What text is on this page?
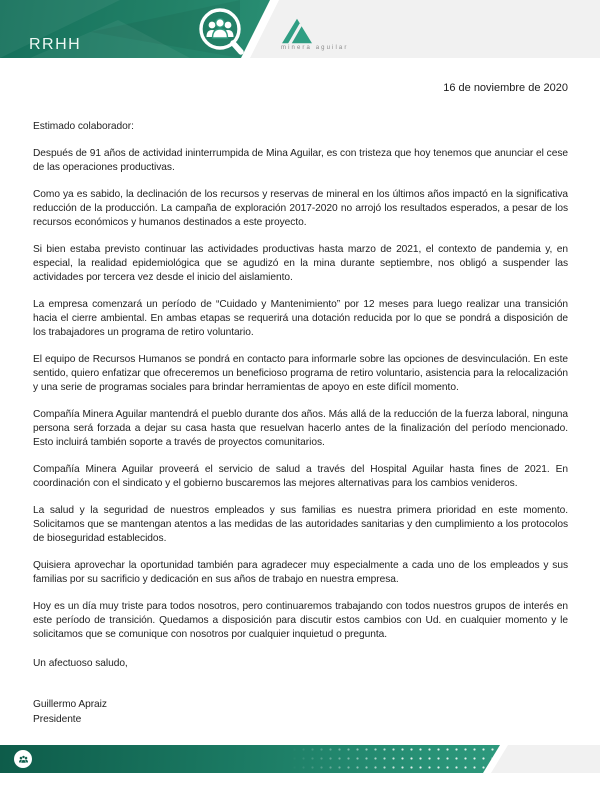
RRHH	minera aguilar
16 de noviembre de 2020

Estimado colaborador:

Después de 91 años de actividad ininterrumpida de Mina Aguilar, es con tristeza que hoy tenemos que anunciar el cese de las operaciones productivas.

Como ya es sabido, la declinación de los recursos y reservas de mineral en los últimos años impactó en la significativa reducción de la producción. La campaña de exploración 2017-2020 no arrojó los resultados esperados, a pesar de los recursos económicos y humanos destinados a este proyecto.

Si bien estaba previsto continuar las actividades productivas hasta marzo de 2021, el contexto de pandemia y, en especial, la realidad epidemiológica que se agudizó en la mina durante septiembre, nos obligó a suspender las actividades por tercera vez desde el inicio del aislamiento.

La empresa comenzará un período de “Cuidado y Mantenimiento” por 12 meses para luego realizar una transición hacia el cierre ambiental. En ambas etapas se requerirá una dotación reducida por lo que se pondrá a disposición de los trabajadores un programa de retiro voluntario.

El equipo de Recursos Humanos se pondrá en contacto para informarle sobre las opciones de desvinculación. En este sentido, quiero enfatizar que ofreceremos un beneficioso programa de retiro voluntario, asistencia para la relocalización y una serie de programas sociales para brindar herramientas de apoyo en este difícil momento.

Compañía Minera Aguilar mantendrá el pueblo durante dos años. Más allá de la reducción de la fuerza laboral, ninguna persona será forzada a dejar su casa hasta que resuelvan hacerlo antes de la finalización del período mencionado. Esto incluirá también soporte a través de proyectos comunitarios.

Compañía Minera Aguilar proveerá el servicio de salud a través del Hospital Aguilar hasta fines de 2021. En coordinación con el sindicato y el gobierno buscaremos las mejores alternativas para los cambios venideros.

La salud y la seguridad de nuestros empleados y sus familias es nuestra primera prioridad en este momento. Solicitamos que se mantengan atentos a las medidas de las autoridades sanitarias y den cumplimiento a los protocolos de bioseguridad establecidos.

Quisiera aprovechar la oportunidad también para agradecer muy especialmente a cada uno de los empleados y sus familias por su sacrificio y dedicación en sus años de trabajo en nuestra empresa.

Hoy es un día muy triste para todos nosotros, pero continuaremos trabajando con todos nuestros grupos de interés en este período de transición. Quedamos a disposición para discutir estos cambios con Ud. en cualquier momento y le solicitamos que se comunique con nosotros por cualquier inquietud o pregunta.

Un afectuoso saludo,

Guillermo Apraiz
Presidente
